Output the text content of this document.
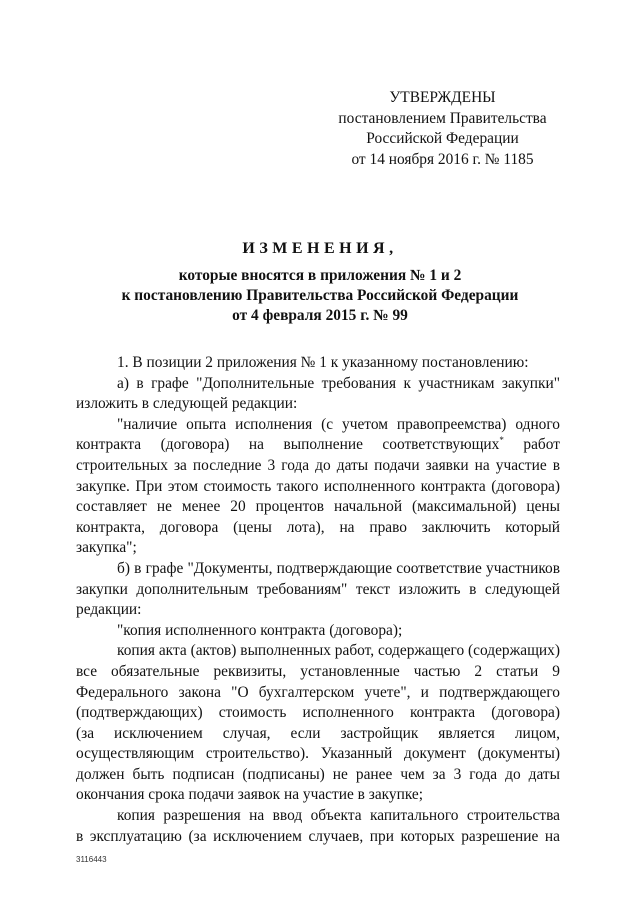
УТВЕРЖДЕНЫ
постановлением Правительства
Российской Федерации
от 14 ноября 2016 г. № 1185
ИЗМЕНЕНИЯ,
которые вносятся в приложения № 1 и 2
к постановлению Правительства Российской Федерации
от 4 февраля 2015 г. № 99
1. В позиции 2 приложения № 1 к указанному постановлению:
а) в графе "Дополнительные требования к участникам закупки"
изложить в следующей редакции:
"наличие опыта исполнения (с учетом правопреемства) одного
контракта (договора) на выполнение соответствующих* работ
строительных за последние 3 года до даты подачи заявки на участие в
закупке. При этом стоимость такого исполненного контракта (договора)
составляет не менее 20 процентов начальной (максимальной) цены
контракта, договора (цены лота), на право заключить который
закупка";
б) в графе "Документы, подтверждающие соответствие участников
закупки дополнительным требованиям" текст изложить в следующей
редакции:
"копия исполненного контракта (договора);
копия акта (актов) выполненных работ, содержащего (содержащих)
все обязательные реквизиты, установленные частью 2 статьи 9
Федерального закона "О бухгалтерском учете", и подтверждающего
(подтверждающих) стоимость исполненного контракта (договора)
(за исключением случая, если застройщик является лицом,
осуществляющим строительство). Указанный документ (документы)
должен быть подписан (подписаны) не ранее чем за 3 года до даты
окончания срока подачи заявок на участие в закупке;
копия разрешения на ввод объекта капитального строительства
в эксплуатацию (за исключением случаев, при которых разрешение на
3116443
